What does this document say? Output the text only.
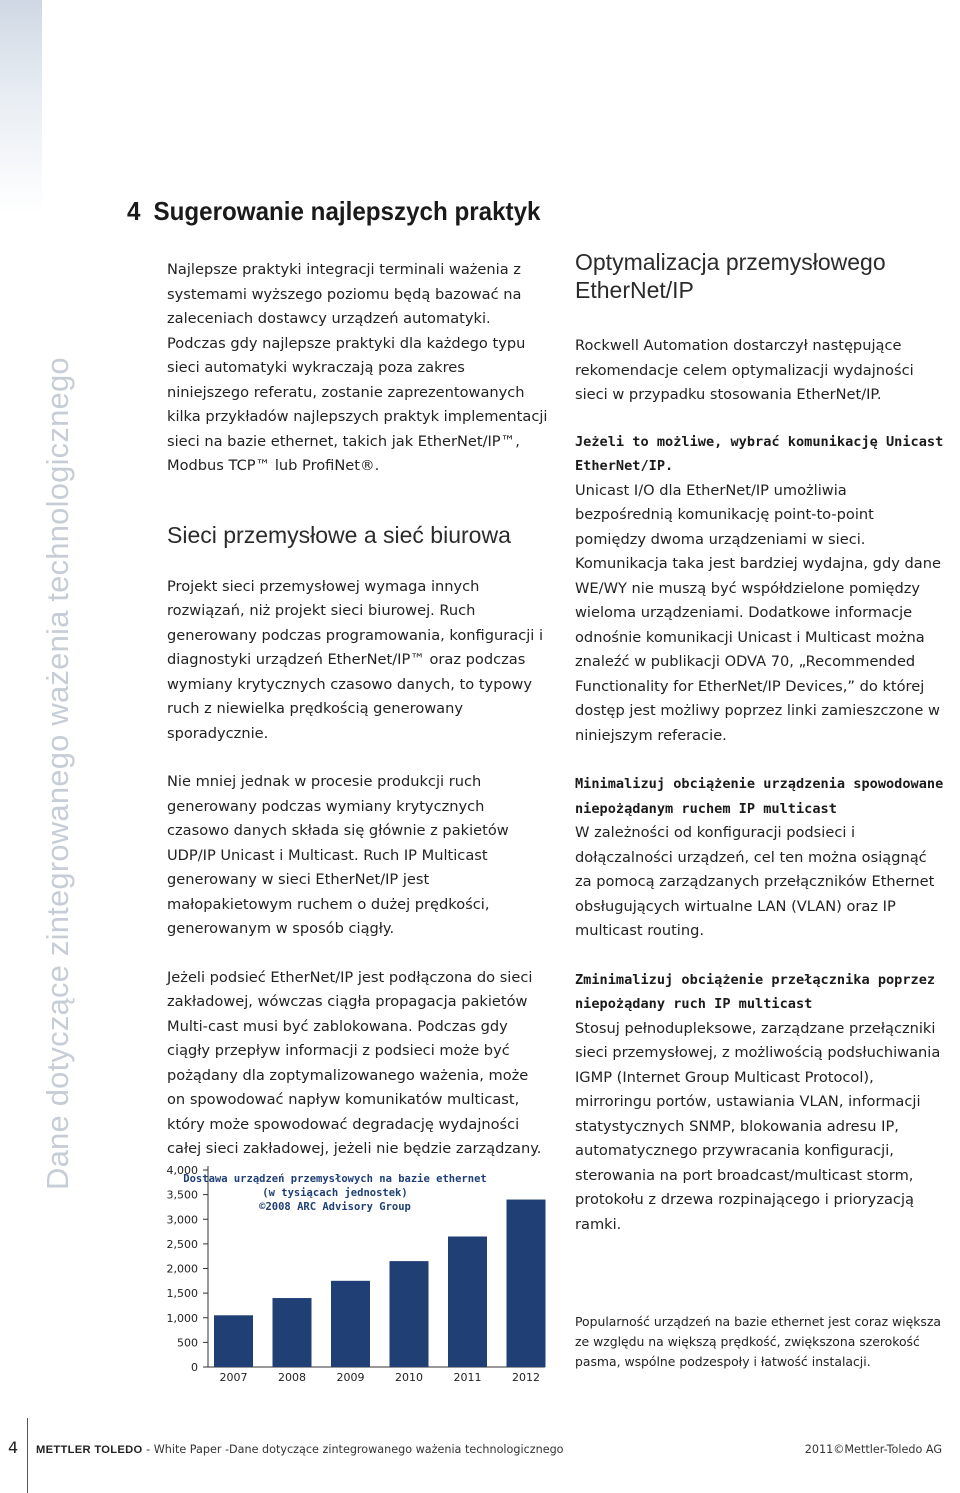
Dane dotyczące zintegrowanego ważenia technologicznego
4 Sugerowanie najlepszych praktyk

Najlepsze praktyki integracji terminali ważenia z systemami wyższego poziomu będą bazować na zaleceniach dostawcy urządzeń automatyki. Podczas gdy najlepsze praktyki dla każdego typu sieci automatyki wykraczają poza zakres niniejszego referatu, zostanie zaprezentowanych kilka przykładów najlepszych praktyk implementacji sieci na bazie ethernet, takich jak EtherNet/IP™, Modbus TCP™ lub ProfiNet®.

Sieci przemysłowe a sieć biurowa

Projekt sieci przemysłowej wymaga innych rozwiązań, niż projekt sieci biurowej. Ruch generowany podczas programowania, konfiguracji i diagnostyki urządzeń EtherNet/IP™ oraz podczas wymiany krytycznych czasowo danych, to typowy ruch z niewielka prędkością generowany sporadycznie.

Nie mniej jednak w procesie produkcji ruch generowany podczas wymiany krytycznych czasowo danych składa się głównie z pakietów UDP/IP Unicast i Multicast. Ruch IP Multicast generowany w sieci EtherNet/IP jest małopakietowym ruchem o dużej prędkości, generowanym w sposób ciągły.

Jeżeli podsieć EtherNet/IP jest podłączona do sieci zakładowej, wówczas ciągła propagacja pakietów Multi-cast musi być zablokowana. Podczas gdy ciągły przepływ informacji z podsieci może być pożądany dla zoptymalizowanego ważenia, może on spowodować napływ komunikatów multicast, który może spowodować degradację wydajności całej sieci zakładowej, jeżeli nie będzie zarządzany.

Optymalizacja przemysłowego
EtherNet/IP

Rockwell Automation dostarczył następujące rekomendacje celem optymalizacji wydajności sieci w przypadku stosowania EtherNet/IP.

Jeżeli to możliwe, wybrać komunikację Unicast EtherNet/IP.

Unicast I/O dla EtherNet/IP umożliwia bezpośrednią komunikację point-to-point pomiędzy dwoma urządzeniami w sieci. Komunikacja taka jest bardziej wydajna, gdy dane WE/WY nie muszą być współdzielone pomiędzy wieloma urządzeniami. Dodatkowe informacje odnośnie komunikacji Unicast i Multicast można znaleźć w publikacji ODVA 70, „Recommended Functionality for EtherNet/IP Devices,” do której dostęp jest możliwy poprzez linki zamieszczone w niniejszym referacie.

Minimalizuj obciążenie urządzenia spowodowane niepożądanym ruchem IP multicast

W zależności od konfiguracji podsieci i dołączalności urządzeń, cel ten można osiągnąć za pomocą zarządzanych przełączników Ethernet obsługujących wirtualne LAN (VLAN) oraz IP multicast routing.

Zminimalizuj obciążenie przełącznika poprzez niepożądany ruch IP multicast

Stosuj pełnodupleksowe, zarządzane przełączniki sieci przemysłowej, z możliwością podsłuchiwania IGMP (Internet Group Multicast Protocol), mirroringu portów, ustawiania VLAN, informacji statystycznych SNMP, blokowania adresu IP, automatycznego przywracania konfiguracji, sterowania na port broadcast/multicast storm, protokołu z drzewa rozpinającego i prioryzacją ramki.

Popularność urządzeń na bazie ethernet jest coraz większa ze względu na większą prędkość, zwiększona szerokość pasma, wspólne podzespoły i łatwość instalacji.

Dostawa urządzeń przemysłowych na bazie ethernet
(w tysiącach jednostek)
©2008 ARC Advisory Group
0
500
1,000
1,500
2,000
2,500
3,000
3,500
4,000
2007	2008	2009	2010	2011	2012
4 METTLER TOLEDO - White Paper -Dane dotyczące zintegrowanego ważenia technologicznego	2011©Mettler-Toledo AG
